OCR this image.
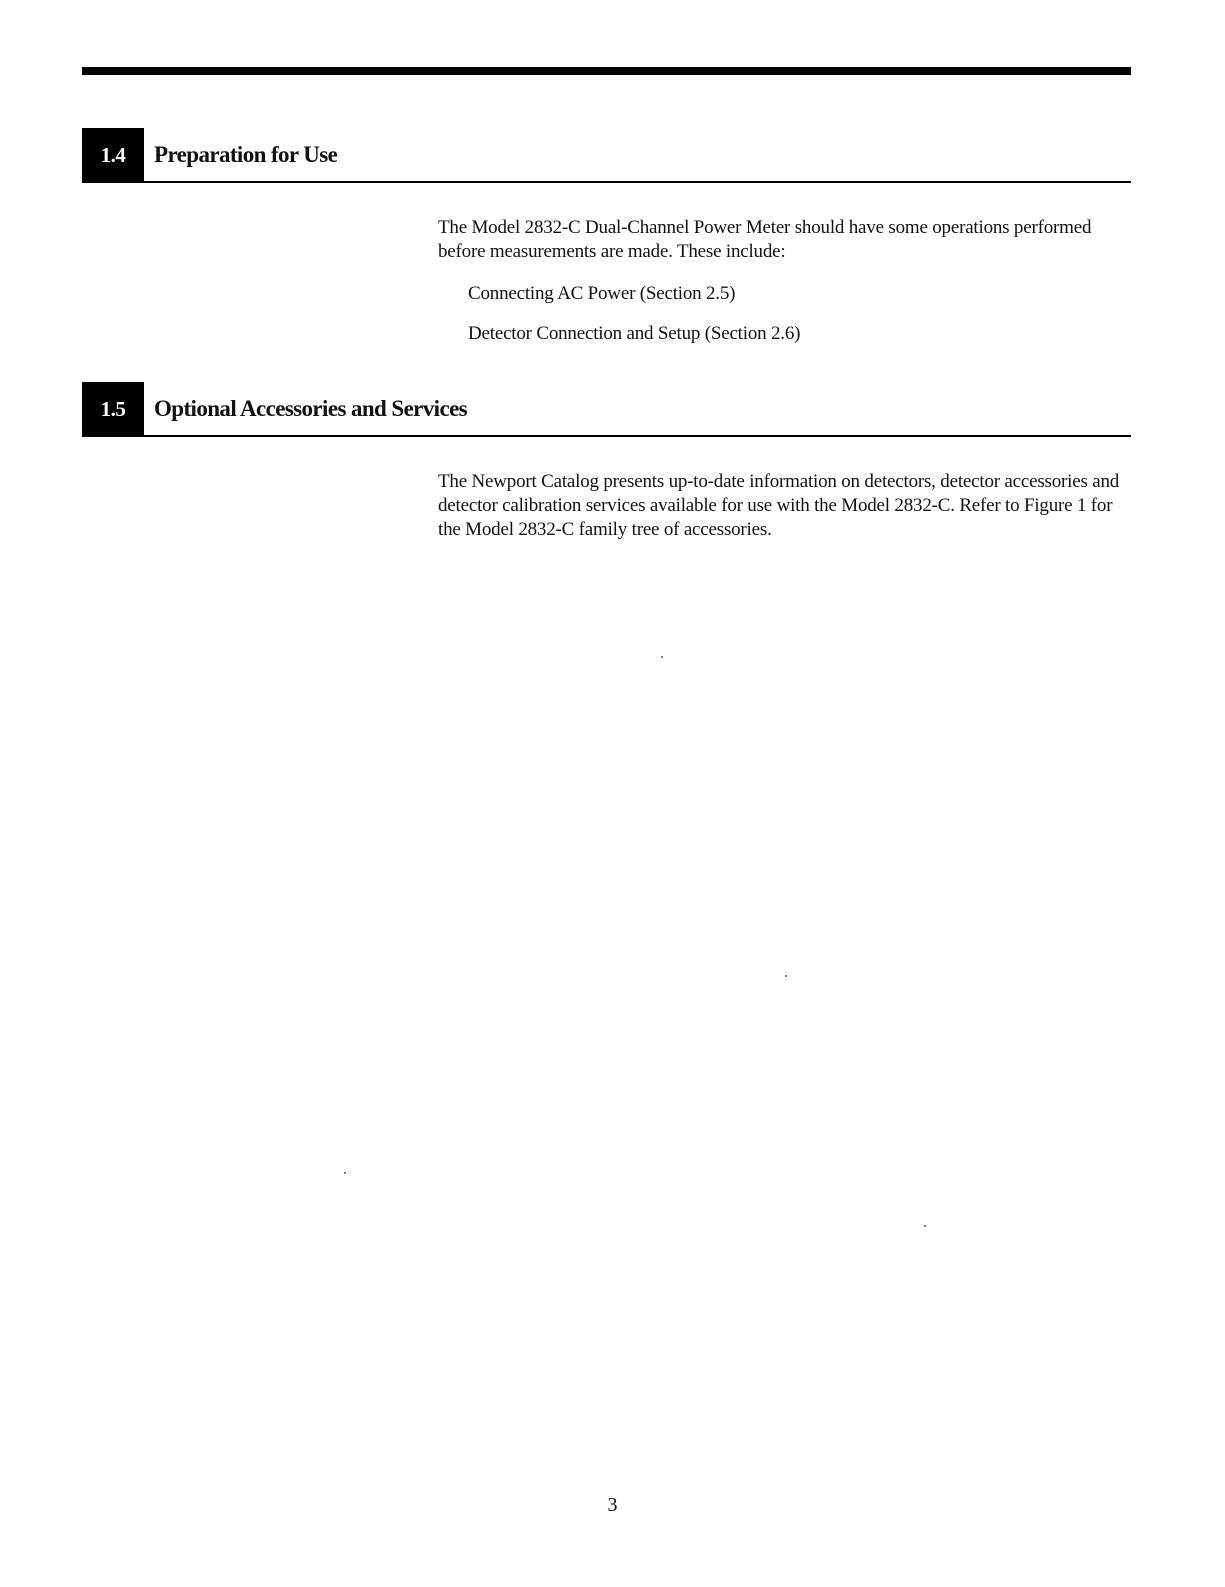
1.4	Preparation for Use

The Model 2832-C Dual-Channel Power Meter should have some operations performed before measurements are made. These include:

Connecting AC Power (Section 2.5)
Detector Connection and Setup (Section 2.6)
1.5	Optional Accessories and Services

The Newport Catalog presents up-to-date information on detectors, detector accessories and detector calibration services available for use with the Model 2832-C. Refer to Figure 1 for the Model 2832-C family tree of accessories.

3
